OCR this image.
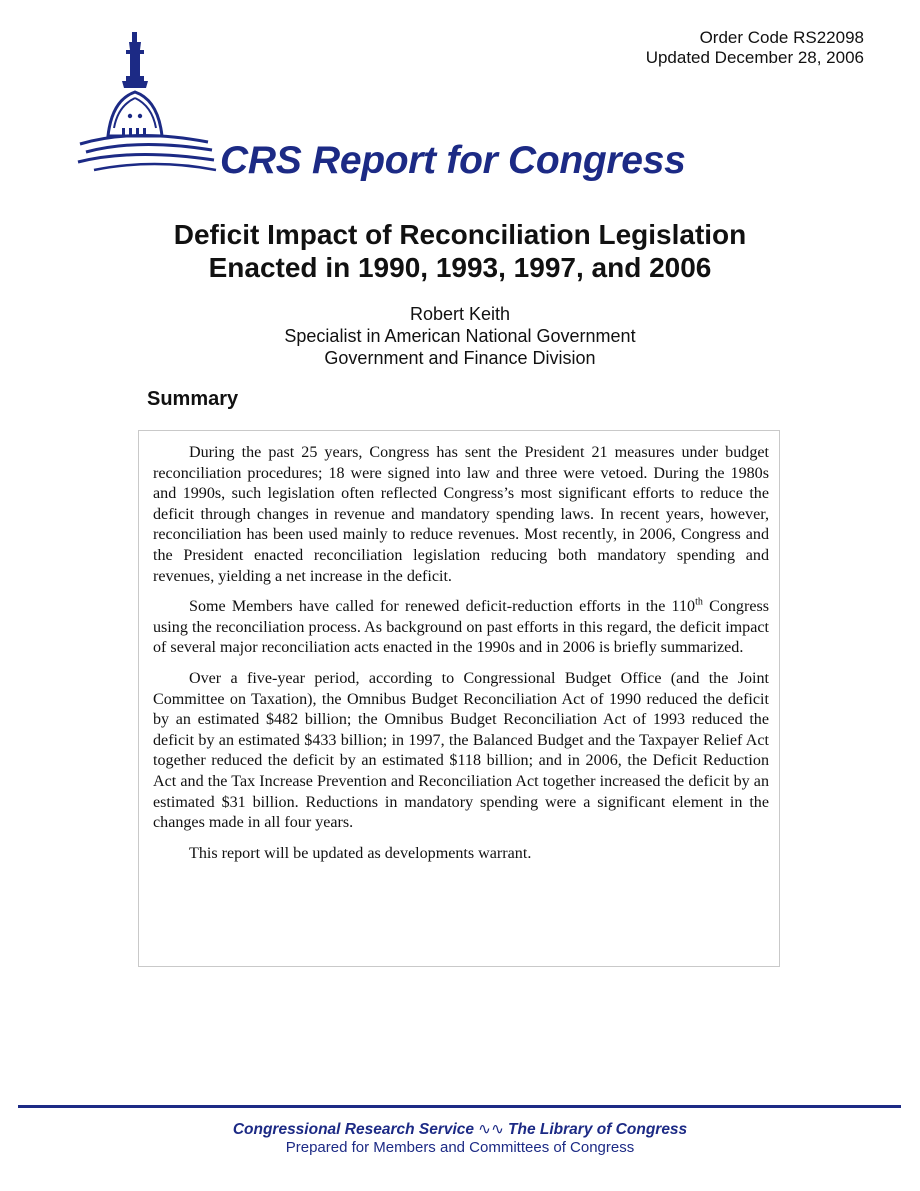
Order Code RS22098
Updated December 28, 2006
CRS Report for Congress
Deficit Impact of Reconciliation Legislation
Enacted in 1990, 1993, 1997, and 2006
Robert Keith
Specialist in American National Government
Government and Finance Division
Summary

During the past 25 years, Congress has sent the President 21 measures under budget reconciliation procedures; 18 were signed into law and three were vetoed. During the 1980s and 1990s, such legislation often reflected Congress’s most significant efforts to reduce the deficit through changes in revenue and mandatory spending laws. In recent years, however, reconciliation has been used mainly to reduce revenues. Most recently, in 2006, Congress and the President enacted reconciliation legislation reducing both mandatory spending and revenues, yielding a net increase in the deficit.

Some Members have called for renewed deficit-reduction efforts in the 110th Congress using the reconciliation process. As background on past efforts in this regard, the deficit impact of several major reconciliation acts enacted in the 1990s and in 2006 is briefly summarized.

Over a five-year period, according to Congressional Budget Office (and the Joint Committee on Taxation), the Omnibus Budget Reconciliation Act of 1990 reduced the deficit by an estimated $482 billion; the Omnibus Budget Reconciliation Act of 1993 reduced the deficit by an estimated $433 billion; in 1997, the Balanced Budget and the Taxpayer Relief Act together reduced the deficit by an estimated $118 billion; and in 2006, the Deficit Reduction Act and the Tax Increase Prevention and Reconciliation Act together increased the deficit by an estimated $31 billion. Reductions in mandatory spending were a significant element in the changes made in all four years.

This report will be updated as developments warrant.

Congressional Research Service ∿∿ The Library of Congress
Prepared for Members and Committees of Congress
